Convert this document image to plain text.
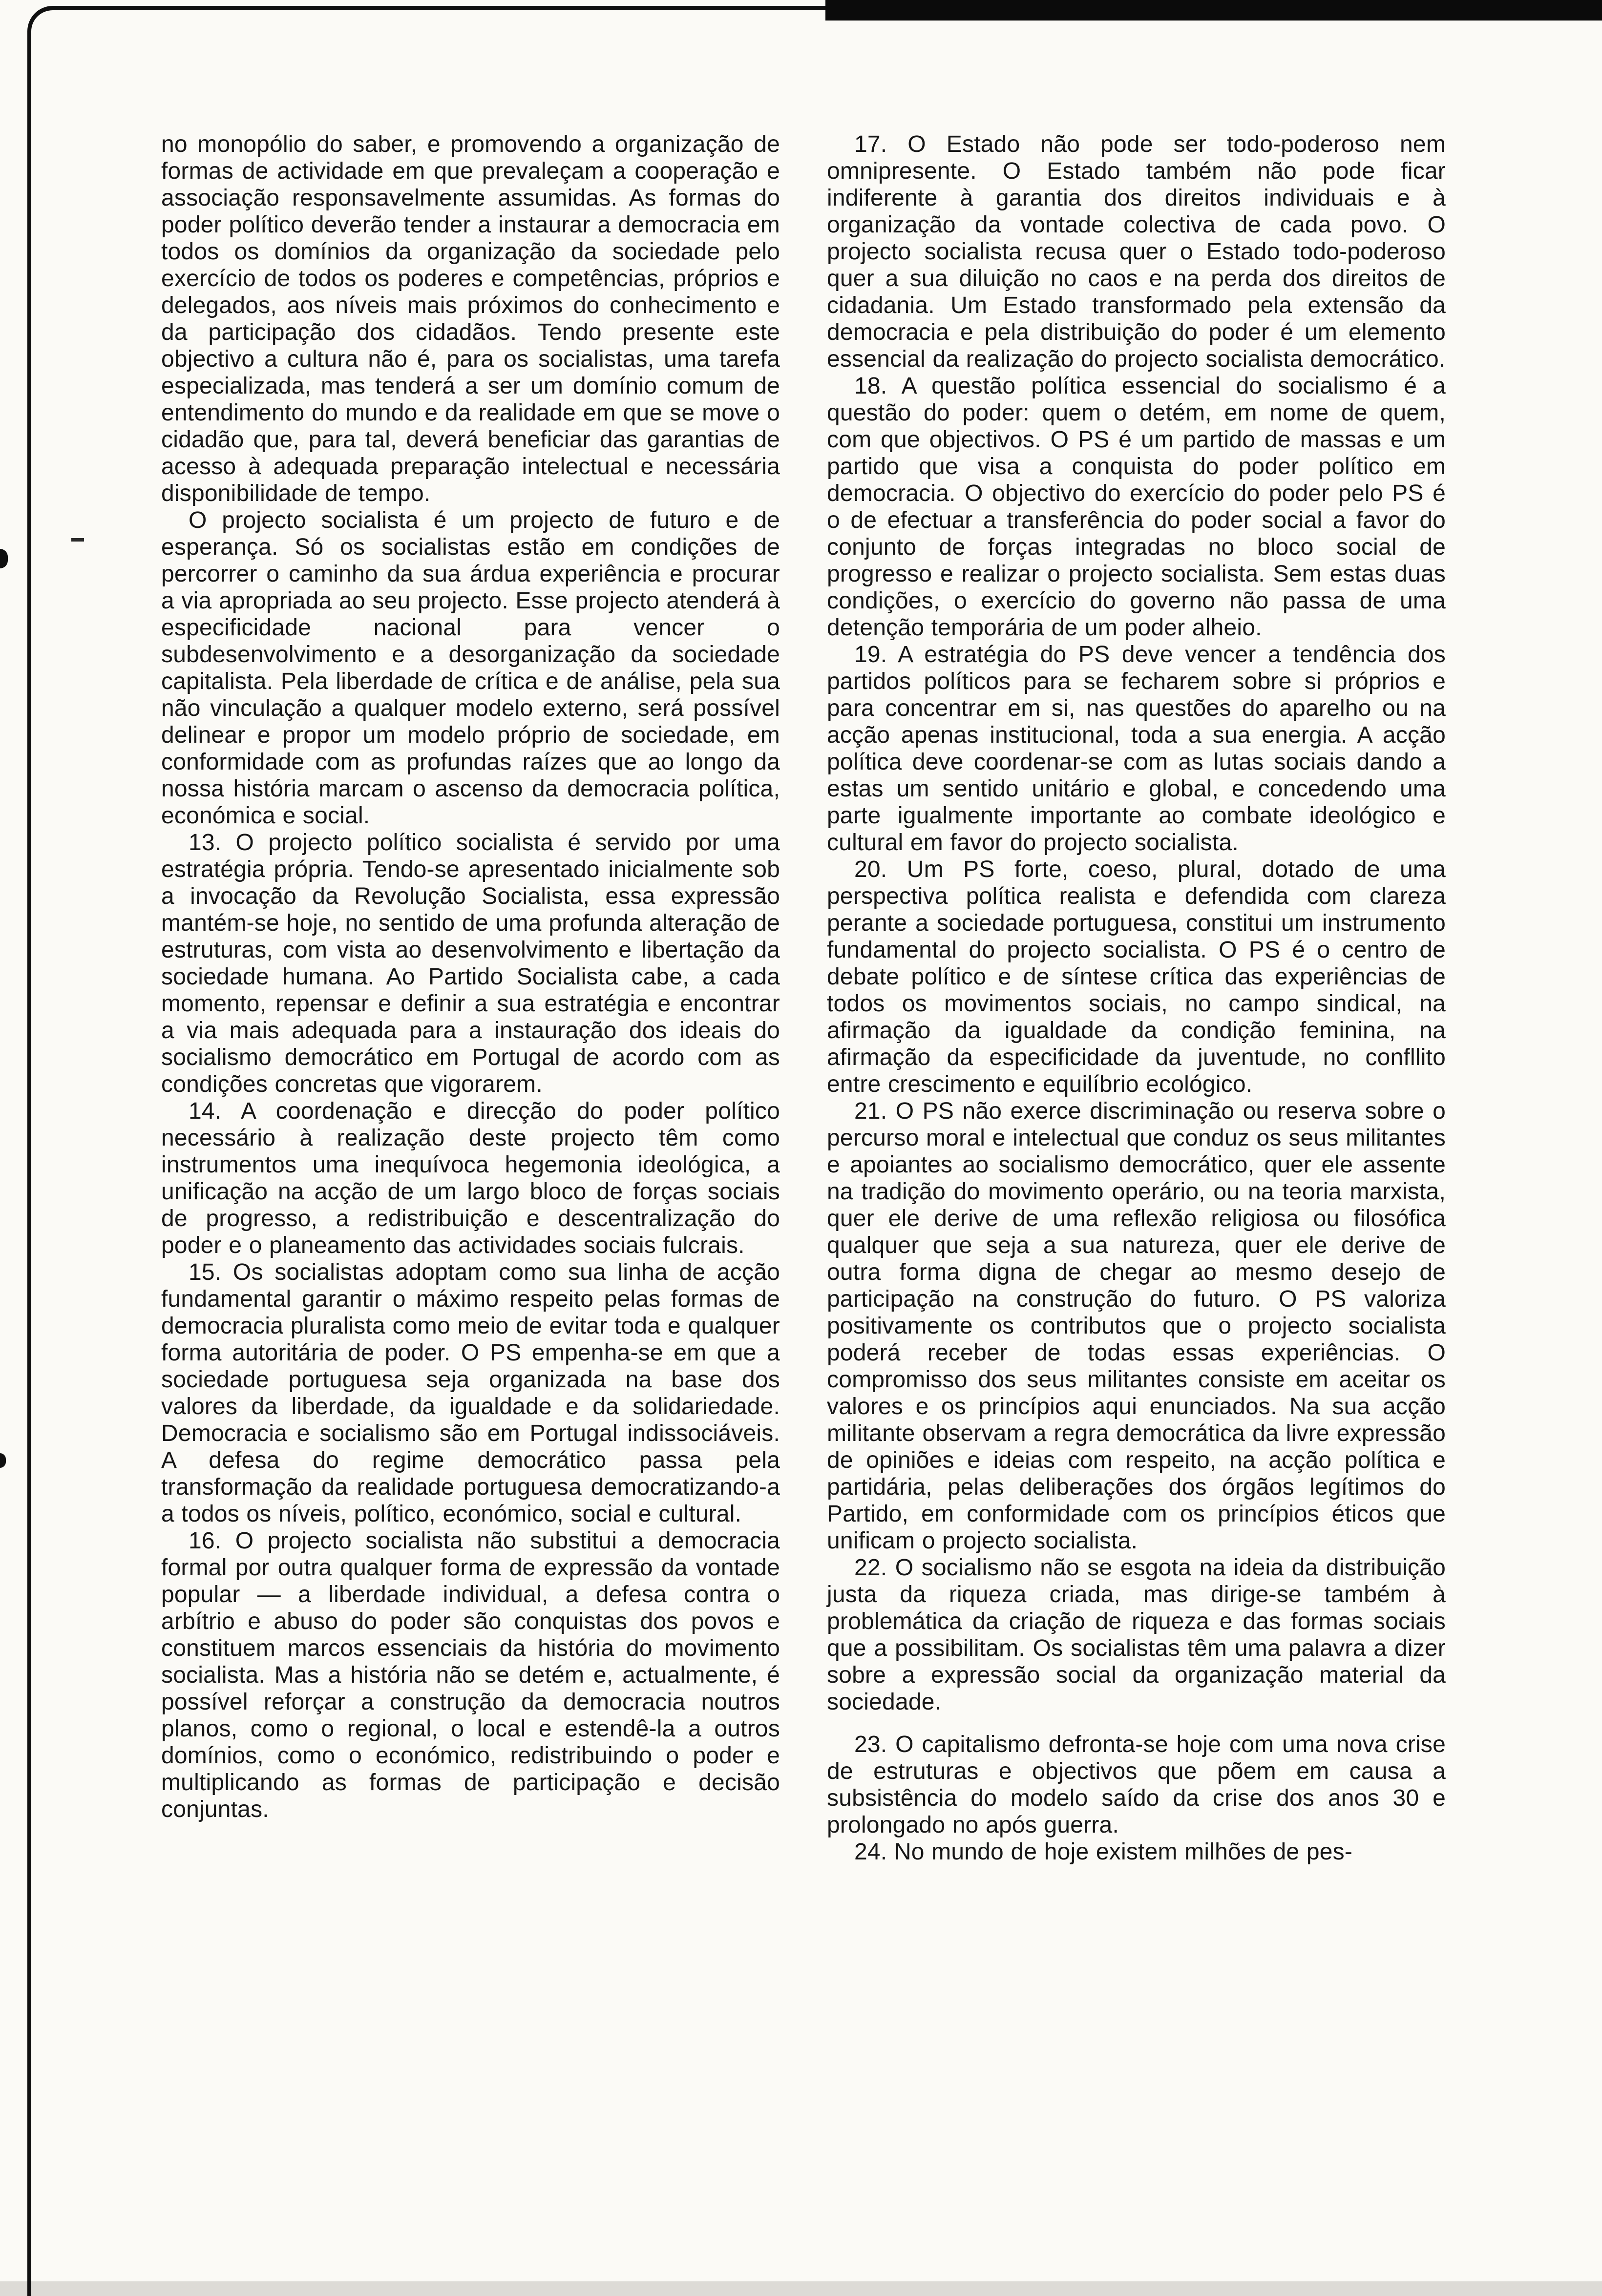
no monopólio do saber, e promovendo a organização de formas de actividade em que prevaleçam a cooperação e associação responsavelmente assumidas. As formas do poder político deverão tender a instaurar a democracia em todos os domínios da organização da sociedade pelo exercício de todos os poderes e competências, próprios e delegados, aos níveis mais próximos do conhecimento e da participação dos cidadãos. Tendo presente este objectivo a cultura não é, para os socialistas, uma tarefa especializada, mas tenderá a ser um domínio comum de entendimento do mundo e da realidade em que se move o cidadão que, para tal, deverá beneficiar das garantias de acesso à adequada preparação intelectual e necessária disponibilidade de tempo.

O projecto socialista é um projecto de futuro e de esperança. Só os socialistas estão em condições de percorrer o caminho da sua árdua experiência e procurar a via apropriada ao seu projecto. Esse projecto atenderá à especificidade nacional para vencer o subdesenvolvimento e a desorganização da sociedade capitalista. Pela liberdade de crítica e de análise, pela sua não vinculação a qualquer modelo externo, será possível delinear e propor um modelo próprio de sociedade, em conformidade com as profundas raízes que ao longo da nossa história marcam o ascenso da democracia política, económica e social.

13. O projecto político socialista é servido por uma estratégia própria. Tendo-se apresentado inicialmente sob a invocação da Revolução Socialista, essa expressão mantém-se hoje, no sentido de uma profunda alteração de estruturas, com vista ao desenvolvimento e libertação da sociedade humana. Ao Partido Socialista cabe, a cada momento, repensar e definir a sua estratégia e encontrar a via mais adequada para a instauração dos ideais do socialismo democrático em Portugal de acordo com as condições concretas que vigorarem.

14. A coordenação e direcção do poder político necessário à realização deste projecto têm como instrumentos uma inequívoca hegemonia ideológica, a unificação na acção de um largo bloco de forças sociais de progresso, a redistribuição e descentralização do poder e o planeamento das actividades sociais fulcrais.

15. Os socialistas adoptam como sua linha de acção fundamental garantir o máximo respeito pelas formas de democracia pluralista como meio de evitar toda e qualquer forma autoritária de poder. O PS empenha-se em que a sociedade portuguesa seja organizada na base dos valores da liberdade, da igualdade e da solidariedade. Democracia e socialismo são em Portugal indissociáveis. A defesa do regime democrático passa pela transformação da realidade portuguesa democratizando-a a todos os níveis, político, económico, social e cultural.

16. O projecto socialista não substitui a democracia formal por outra qualquer forma de expressão da vontade popular — a liberdade individual, a defesa contra o arbítrio e abuso do poder são conquistas dos povos e constituem marcos essenciais da história do movimento socialista. Mas a história não se detém e, actualmente, é possível reforçar a construção da democracia noutros planos, como o regional, o local e estendê-la a outros domínios, como o económico, redistribuindo o poder e multiplicando as formas de participação e decisão conjuntas.

17. O Estado não pode ser todo-poderoso nem omnipresente. O Estado também não pode ficar indiferente à garantia dos direitos individuais e à organização da vontade colectiva de cada povo. O projecto socialista recusa quer o Estado todo-poderoso quer a sua diluição no caos e na perda dos direitos de cidadania. Um Estado transformado pela extensão da democracia e pela distribuição do poder é um elemento essencial da realização do projecto socialista democrático.

18. A questão política essencial do socialismo é a questão do poder: quem o detém, em nome de quem, com que objectivos. O PS é um partido de massas e um partido que visa a conquista do poder político em democracia. O objectivo do exercício do poder pelo PS é o de efectuar a transferência do poder social a favor do conjunto de forças integradas no bloco social de progresso e realizar o projecto socialista. Sem estas duas condições, o exercício do governo não passa de uma detenção temporária de um poder alheio.

19. A estratégia do PS deve vencer a tendência dos partidos políticos para se fecharem sobre si próprios e para concentrar em si, nas questões do aparelho ou na acção apenas institucional, toda a sua energia. A acção política deve coordenar-se com as lutas sociais dando a estas um sentido unitário e global, e concedendo uma parte igualmente importante ao combate ideológico e cultural em favor do projecto socialista.

20. Um PS forte, coeso, plural, dotado de uma perspectiva política realista e defendida com clareza perante a sociedade portuguesa, constitui um instrumento fundamental do projecto socialista. O PS é o centro de debate político e de síntese crítica das experiências de todos os movimentos sociais, no campo sindical, na afirmação da igualdade da condição feminina, na afirmação da especificidade da juventude, no confllito entre crescimento e equilíbrio ecológico.

21. O PS não exerce discriminação ou reserva sobre o percurso moral e intelectual que conduz os seus militantes e apoiantes ao socialismo democrático, quer ele assente na tradição do movimento operário, ou na teoria marxista, quer ele derive de uma reflexão religiosa ou filosófica qualquer que seja a sua natureza, quer ele derive de outra forma digna de chegar ao mesmo desejo de participação na construção do futuro. O PS valoriza positivamente os contributos que o projecto socialista poderá receber de todas essas experiências. O compromisso dos seus militantes consiste em aceitar os valores e os princípios aqui enunciados. Na sua acção militante observam a regra democrática da livre expressão de opiniões e ideias com respeito, na acção política e partidária, pelas deliberações dos órgãos legítimos do Partido, em conformidade com os princípios éticos que unificam o projecto socialista.

22. O socialismo não se esgota na ideia da distribuição justa da riqueza criada, mas dirige-se também à problemática da criação de riqueza e das formas sociais que a possibilitam. Os socialistas têm uma palavra a dizer sobre a expressão social da organização material da sociedade.

23. O capitalismo defronta-se hoje com uma nova crise de estruturas e objectivos que põem em causa a subsistência do modelo saído da crise dos anos 30 e prolongado no após guerra.

24. No mundo de hoje existem milhões de pes-
